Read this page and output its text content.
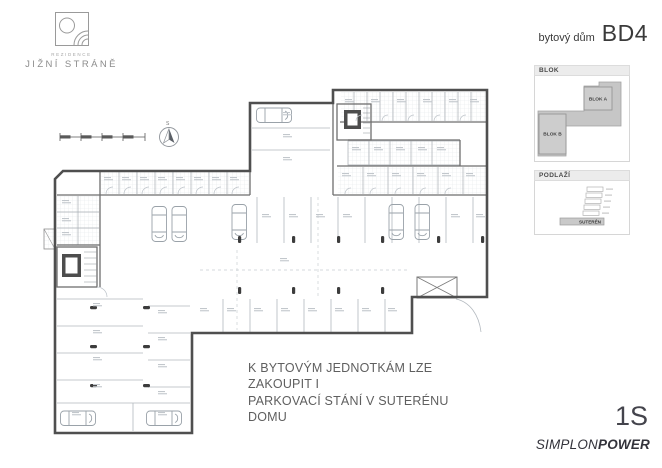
REZIDENCE
JIŽNÍ STRÁNĚ
bytový dům BD4
BLOK
BLOK A
BLOK B
PODLAŽÍ
SUTERÉN
S
K BYTOVÝM JEDNOTKÁM LZE ZAKOUPIT I
PARKOVACÍ STÁNÍ V SUTERÉNU DOMU	1S
SIMPLONPOWER
